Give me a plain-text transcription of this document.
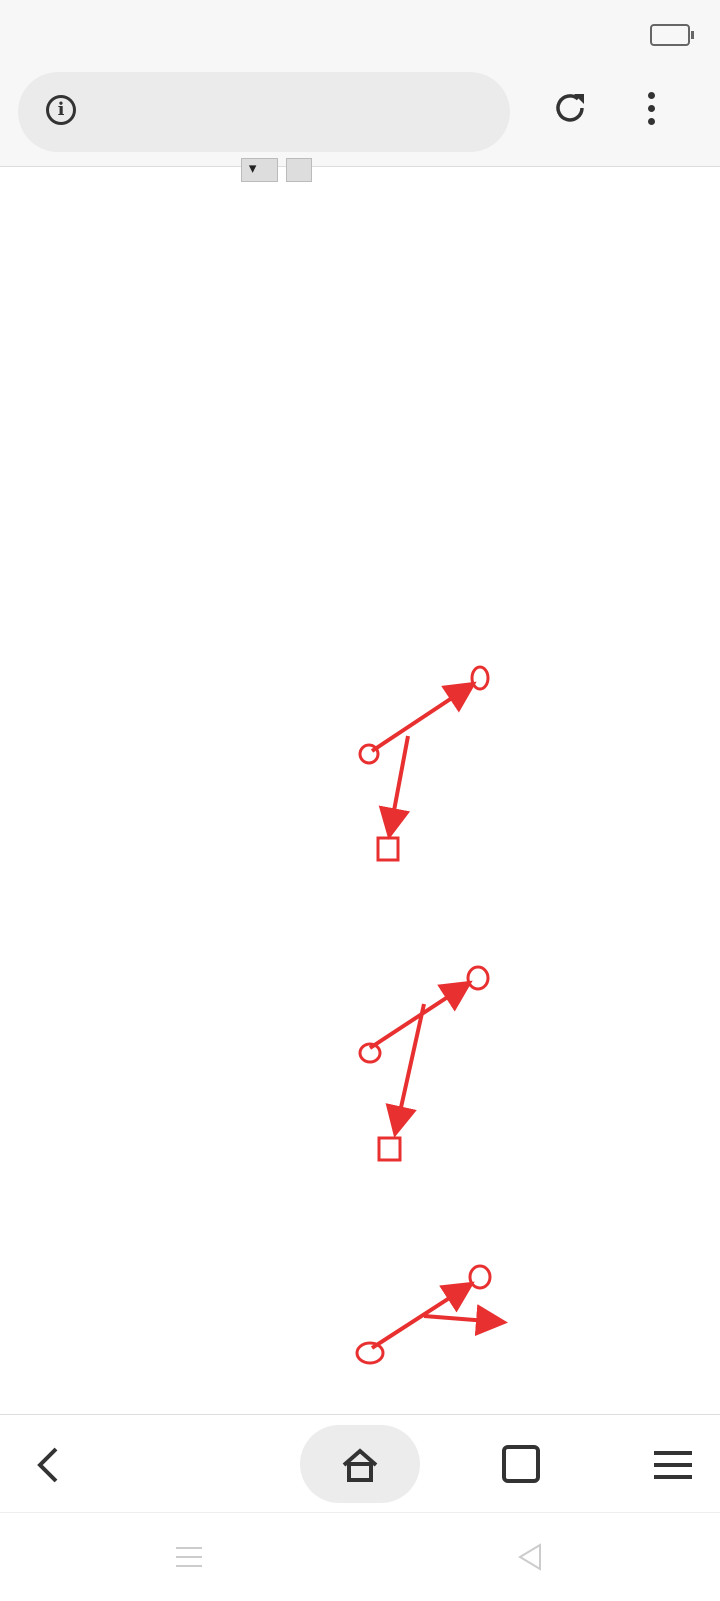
i
▾
